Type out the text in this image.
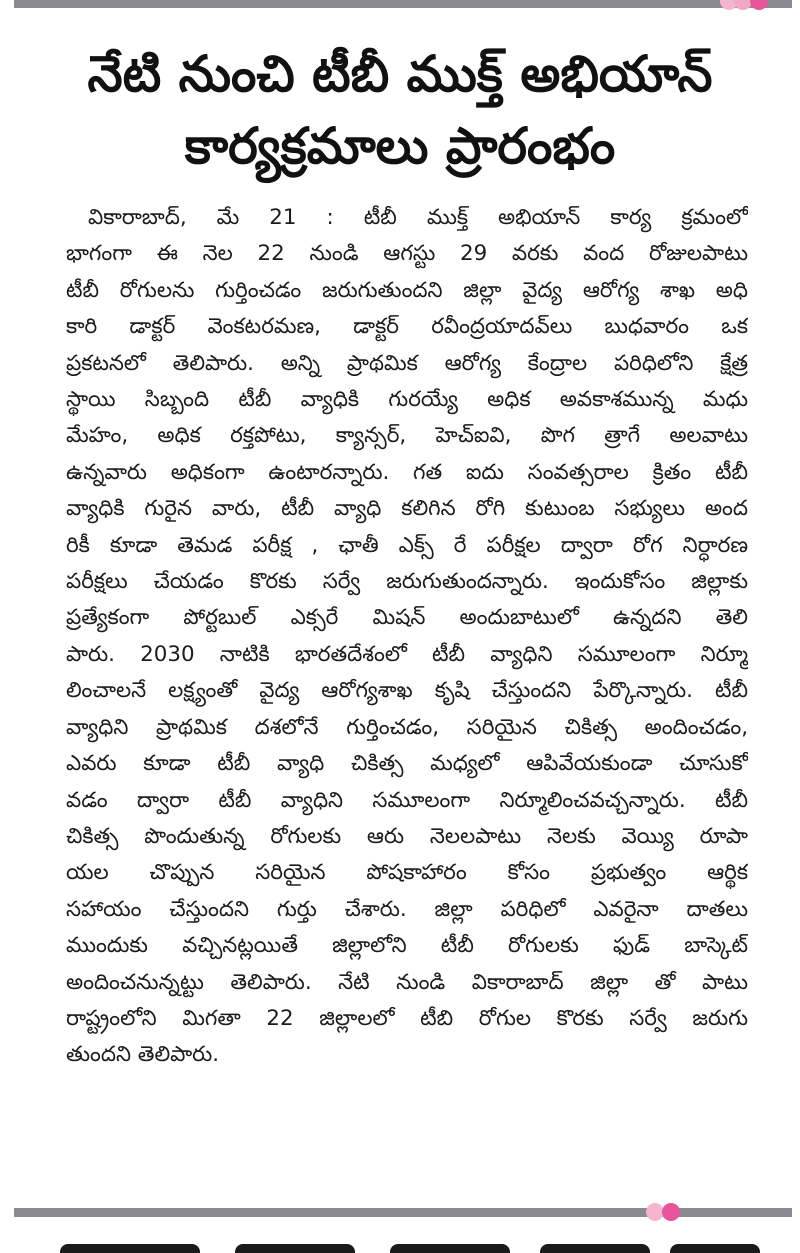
నేటి నుంచి టీబీ ముక్త్ అభియాన్
కార్యక్రమాలు ప్రారంభం
వికారాబాద్, మే 21 : టీబీ ముక్త్ అభియాన్ కార్య క్రమంలో
భాగంగా ఈ నెల 22 నుండి ఆగస్టు 29 వరకు వంద రోజులపాటు
టీబీ రోగులను గుర్తించడం జరుగుతుందని జిల్లా వైద్య ఆరోగ్య శాఖ అధి
కారి డాక్టర్ వెంకటరమణ, డాక్టర్ రవీంద్రయాదవ్‌లు బుధవారం ఒక
ప్రకటనలో తెలిపారు. అన్ని ప్రాథమిక ఆరోగ్య కేంద్రాల పరిధిలోని క్షేత్ర
స్థాయి సిబ్బంది టీబీ వ్యాధికి గురయ్యే అధిక అవకాశమున్న మధు
మేహం, అధిక రక్తపోటు, క్యాన్సర్, హెచ్ఐవి, పొగ త్రాగే అలవాటు
ఉన్నవారు అధికంగా ఉంటారన్నారు. గత ఐదు సంవత్సరాల క్రితం టీబీ
వ్యాధికి గురైన వారు, టీబీ వ్యాధి కలిగిన రోగి కుటుంబ సభ్యులు అంద
రికీ కూడా తెమడ పరీక్ష , ఛాతీ ఎక్స్ రే పరీక్షల ద్వారా రోగ నిర్ధారణ
పరీక్షలు చేయడం కొరకు సర్వే జరుగుతుందన్నారు. ఇందుకోసం జిల్లాకు
ప్రత్యేకంగా పోర్టబుల్ ఎక్సరే మిషన్ అందుబాటులో ఉన్నదని తెలి
పారు. 2030 నాటికి భారతదేశంలో టీబీ వ్యాధిని సమూలంగా నిర్మూ
లించాలనే లక్ష్యంతో వైద్య ఆరోగ్యశాఖ కృషి చేస్తుందని పేర్కొన్నారు. టీబీ
వ్యాధిని ప్రాథమిక దశలోనే గుర్తించడం, సరియైన చికిత్స అందించడం,
ఎవరు కూడా టీబీ వ్యాధి చికిత్స మధ్యలో ఆపివేయకుండా చూసుకో
వడం ద్వారా టీబీ వ్యాధిని సమూలంగా నిర్మూలించవచ్చన్నారు. టీబీ
చికిత్స పొందుతున్న రోగులకు ఆరు నెలలపాటు నెలకు వెయ్యి రూపా
యల చొప్పున సరియైన పోషకాహారం కోసం ప్రభుత్వం ఆర్థిక
సహాయం చేస్తుందని గుర్తు చేశారు. జిల్లా పరిధిలో ఎవరైనా దాతలు
ముందుకు వచ్చినట్లయితే జిల్లాలోని టీబీ రోగులకు ఫుడ్ బాస్కెట్
అందించనున్నట్టు తెలిపారు. నేటి నుండి వికారాబాద్ జిల్లా తో పాటు
రాష్ట్రంలోని మిగతా 22 జిల్లాలలో టీబి రోగుల కొరకు సర్వే జరుగు
తుందని తెలిపారు.
